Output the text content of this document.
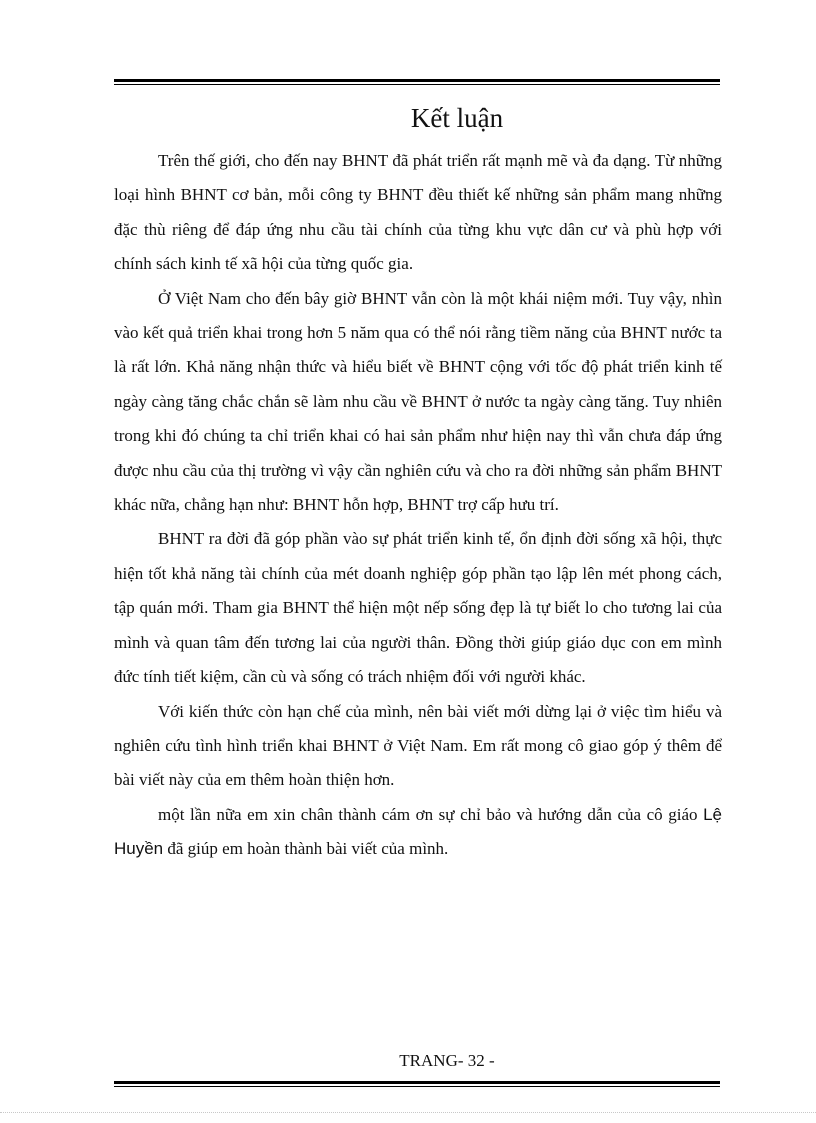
Kết luận

Trên thế giới, cho đến nay BHNT đã phát triển rất mạnh mẽ và đa dạng. Từ những loại hình BHNT cơ bản, mỗi công ty BHNT đều thiết kế những sản phẩm mang những đặc thù riêng để đáp ứng nhu cầu tài chính của từng khu vực dân cư và phù hợp với chính sách kinh tế xã hội của từng quốc gia.

Ở Việt Nam cho đến bây giờ BHNT vẫn còn là một khái niệm mới. Tuy vậy, nhìn vào kết quả triển khai trong hơn 5 năm qua có thể nói rằng tiềm năng của BHNT nước ta là rất lớn. Khả năng nhận thức và hiểu biết về BHNT cộng với tốc độ phát triển kinh tế ngày càng tăng chắc chắn sẽ làm nhu cầu về BHNT ở nước ta ngày càng tăng. Tuy nhiên trong khi đó chúng ta chỉ triển khai có hai sản phẩm như hiện nay thì vẫn chưa đáp ứng được nhu cầu của thị trường vì vậy cần nghiên cứu và cho ra đời những sản phẩm BHNT khác nữa, chẳng hạn như: BHNT hỗn hợp, BHNT trợ cấp hưu trí.

BHNT ra đời đã góp phần vào sự phát triển kinh tế, ổn định đời sống xã hội, thực hiện tốt khả năng tài chính của mét doanh nghiệp góp phần tạo lập lên mét phong cách, tập quán mới. Tham gia BHNT thể hiện một nếp sống đẹp là tự biết lo cho tương lai của mình và quan tâm đến tương lai của người thân. Đồng thời giúp giáo dục con em mình đức tính tiết kiệm, cần cù và sống có trách nhiệm đối với người khác.

Với kiến thức còn hạn chế của mình, nên bài viết mới dừng lại ở việc tìm hiểu và nghiên cứu tình hình triển khai BHNT ở Việt Nam. Em rất mong cô giao góp ý thêm để bài viết này của em thêm hoàn thiện hơn.

một lần nữa em xin chân thành cám ơn sự chỉ bảo và hướng dẫn của cô giáo Lệ Huyền đã giúp em hoàn thành bài viết của mình.

TRANG- 32 -
